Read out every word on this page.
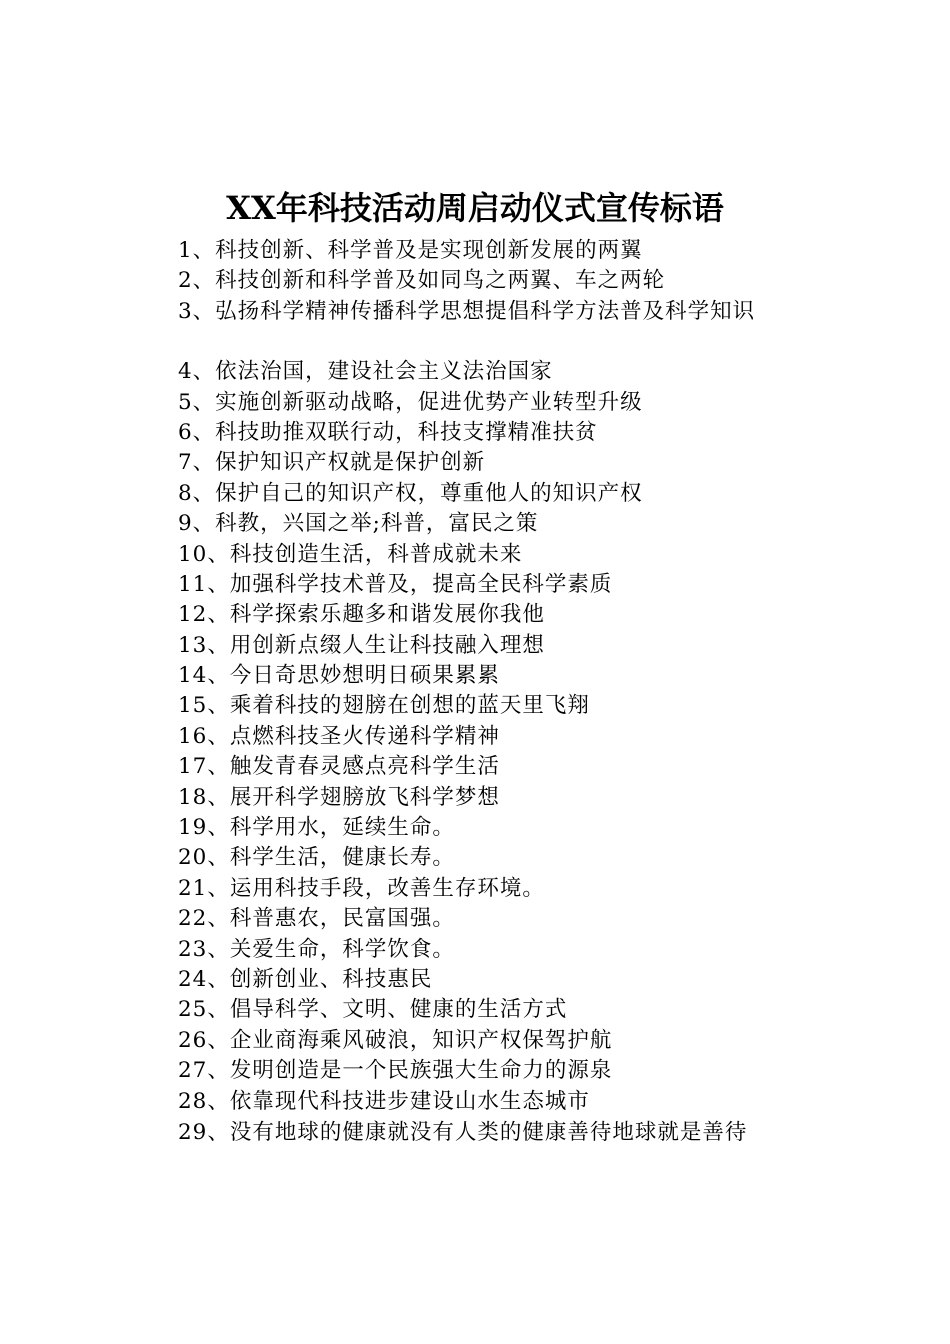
XX年科技活动周启动仪式宣传标语
1、科技创新、科学普及是实现创新发展的两翼
2、科技创新和科学普及如同鸟之两翼、车之两轮
3、弘扬科学精神传播科学思想提倡科学方法普及科学知识
4、依法治国，建设社会主义法治国家
5、实施创新驱动战略，促进优势产业转型升级
6、科技助推双联行动，科技支撑精准扶贫
7、保护知识产权就是保护创新
8、保护自己的知识产权，尊重他人的知识产权
9、科教，兴国之举;科普，富民之策
10、科技创造生活，科普成就未来
11、加强科学技术普及，提高全民科学素质
12、科学探索乐趣多和谐发展你我他
13、用创新点缀人生让科技融入理想
14、今日奇思妙想明日硕果累累
15、乘着科技的翅膀在创想的蓝天里飞翔
16、点燃科技圣火传递科学精神
17、触发青春灵感点亮科学生活
18、展开科学翅膀放飞科学梦想
19、科学用水，延续生命。
20、科学生活，健康长寿。
21、运用科技手段，改善生存环境。
22、科普惠农，民富国强。
23、关爱生命，科学饮食。
24、创新创业、科技惠民
25、倡导科学、文明、健康的生活方式
26、企业商海乘风破浪，知识产权保驾护航
27、发明创造是一个民族强大生命力的源泉
28、依靠现代科技进步建设山水生态城市
29、没有地球的健康就没有人类的健康善待地球就是善待
